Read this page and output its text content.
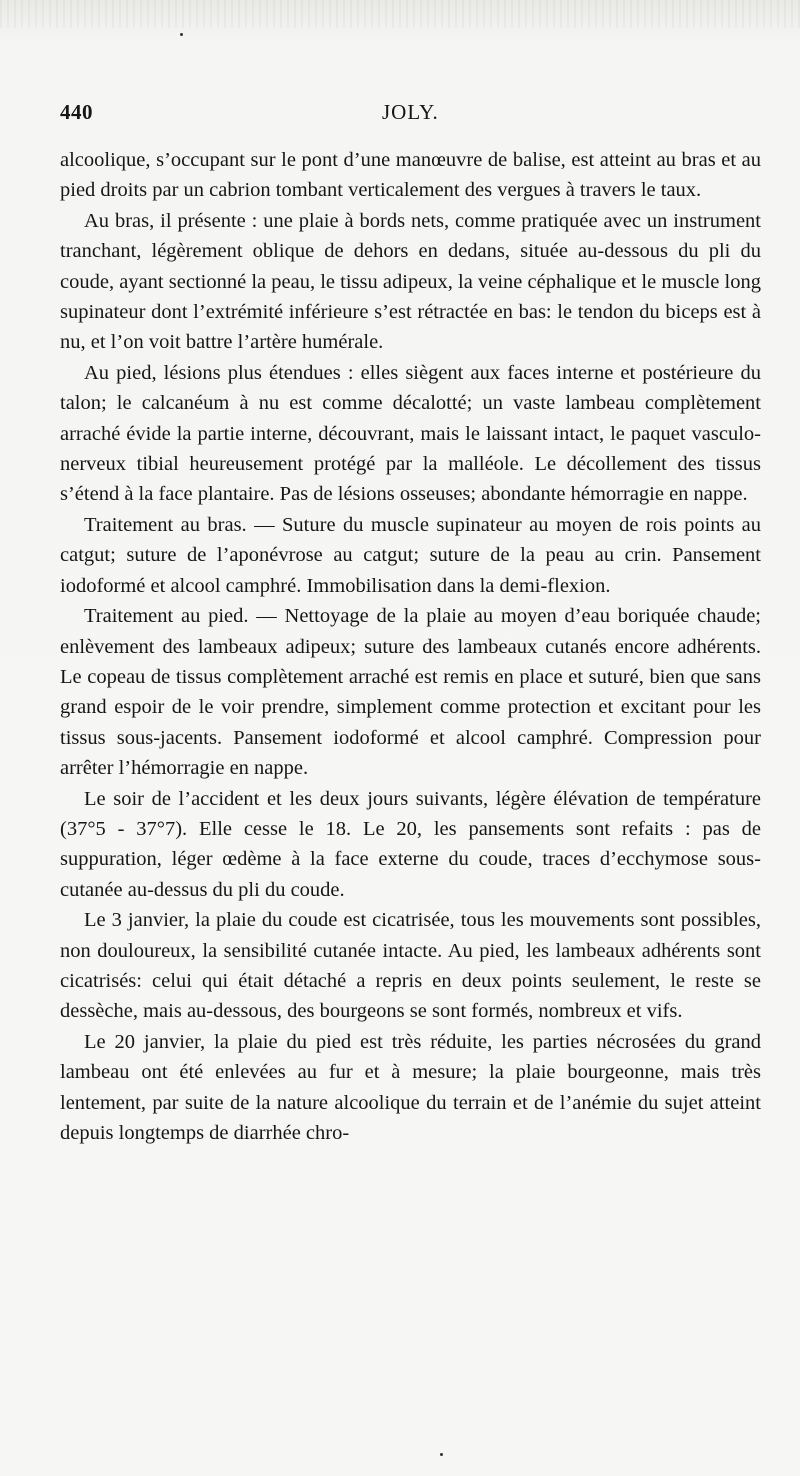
440	JOLY.

alcoolique, s’occupant sur le pont d’une manœuvre de balise, est atteint au bras et au pied droits par un cabrion tombant verticalement des vergues à travers le taux.

Au bras, il présente : une plaie à bords nets, comme pratiquée avec un instrument tranchant, légèrement oblique de dehors en dedans, située au-dessous du pli du coude, ayant sectionné la peau, le tissu adipeux, la veine céphalique et le muscle long supinateur dont l’extrémité inférieure s’est rétractée en bas: le tendon du biceps est à nu, et l’on voit battre l’artère humérale.

Au pied, lésions plus étendues : elles siègent aux faces interne et postérieure du talon; le calcanéum à nu est comme décalotté; un vaste lambeau complètement arraché évide la partie interne, découvrant, mais le laissant intact, le paquet vasculo-nerveux tibial heureusement protégé par la malléole. Le décollement des tissus s’étend à la face plantaire. Pas de lésions osseuses; abondante hémorragie en nappe.

Traitement au bras. — Suture du muscle supinateur au moyen de rois points au catgut; suture de l’aponévrose au catgut; suture de la peau au crin. Pansement iodoformé et alcool camphré. Immobilisation dans la demi-flexion.

Traitement au pied. — Nettoyage de la plaie au moyen d’eau boriquée chaude; enlèvement des lambeaux adipeux; suture des lambeaux cutanés encore adhérents. Le copeau de tissus complètement arraché est remis en place et suturé, bien que sans grand espoir de le voir prendre, simplement comme protection et excitant pour les tissus sous-jacents. Pansement iodoformé et alcool camphré. Compression pour arrêter l’hémorragie en nappe.

Le soir de l’accident et les deux jours suivants, légère élévation de température (37°5 - 37°7). Elle cesse le 18. Le 20, les pansements sont refaits : pas de suppuration, léger œdème à la face externe du coude, traces d’ecchymose sous-cutanée au-dessus du pli du coude.

Le 3 janvier, la plaie du coude est cicatrisée, tous les mouvements sont possibles, non douloureux, la sensibilité cutanée intacte. Au pied, les lambeaux adhérents sont cicatrisés: celui qui était détaché a repris en deux points seulement, le reste se dessèche, mais au-dessous, des bourgeons se sont formés, nombreux et vifs.

Le 20 janvier, la plaie du pied est très réduite, les parties nécrosées du grand lambeau ont été enlevées au fur et à mesure; la plaie bourgeonne, mais très lentement, par suite de la nature alcoolique du terrain et de l’anémie du sujet atteint depuis longtemps de diarrhée chro-
